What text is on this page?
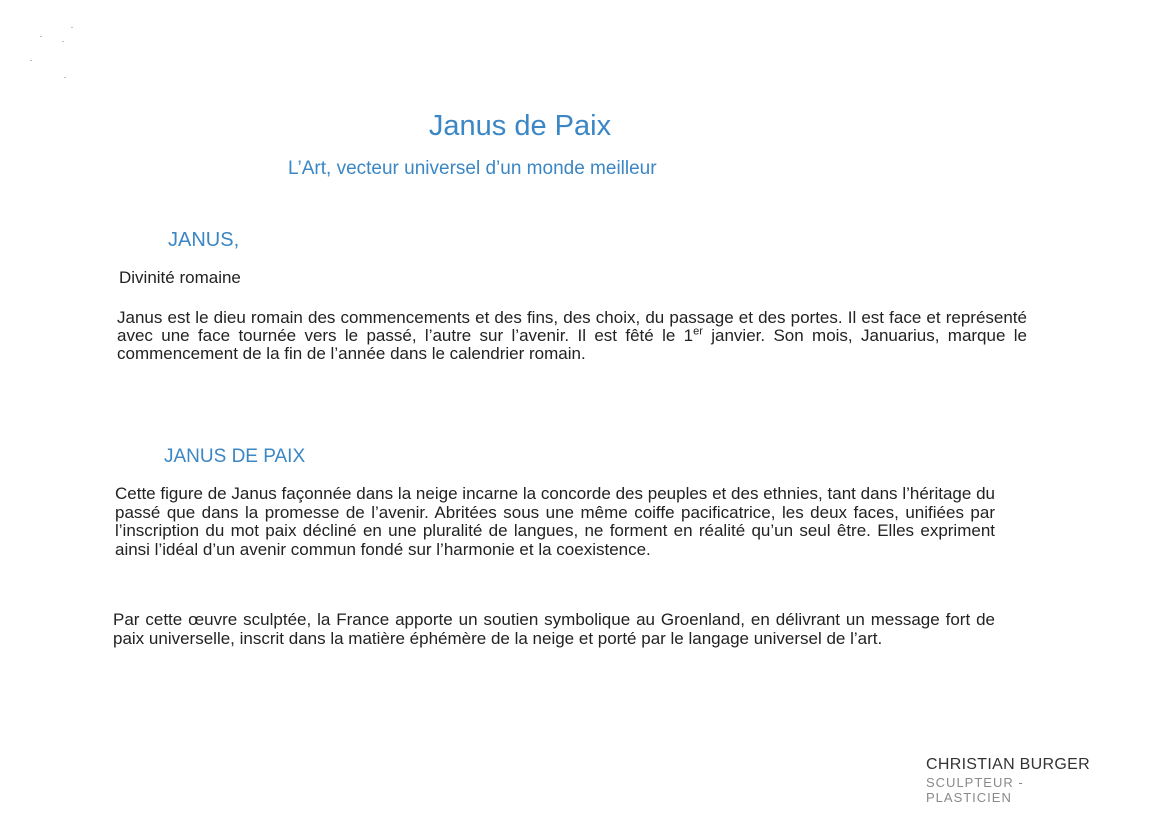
Janus de Paix

L’Art, vecteur universel d’un monde meilleur

JANUS,

Divinité romaine

Janus est le dieu romain des commencements et des fins, des choix, du passage et des portes. Il est face et représenté avec une face tournée vers le passé, l’autre sur l’avenir. Il est fêté le 1er janvier. Son mois, Januarius, marque le commencement de la fin de l’année dans le calendrier romain.

JANUS DE PAIX

Cette figure de Janus façonnée dans la neige incarne la concorde des peuples et des ethnies, tant dans l’héritage du passé que dans la promesse de l’avenir. Abritées sous une même coiffe pacificatrice, les deux faces, unifiées par l’inscription du mot paix décliné en une pluralité de langues, ne forment en réalité qu’un seul être. Elles expriment ainsi l’idéal d’un avenir commun fondé sur l’harmonie et la coexistence.

Par cette œuvre sculptée, la France apporte un soutien symbolique au Groenland, en délivrant un message fort de paix universelle, inscrit dans la matière éphémère de la neige et porté par le langage universel de l’art.

CHRISTIAN BURGER

SCULPTEUR - PLASTICIEN
